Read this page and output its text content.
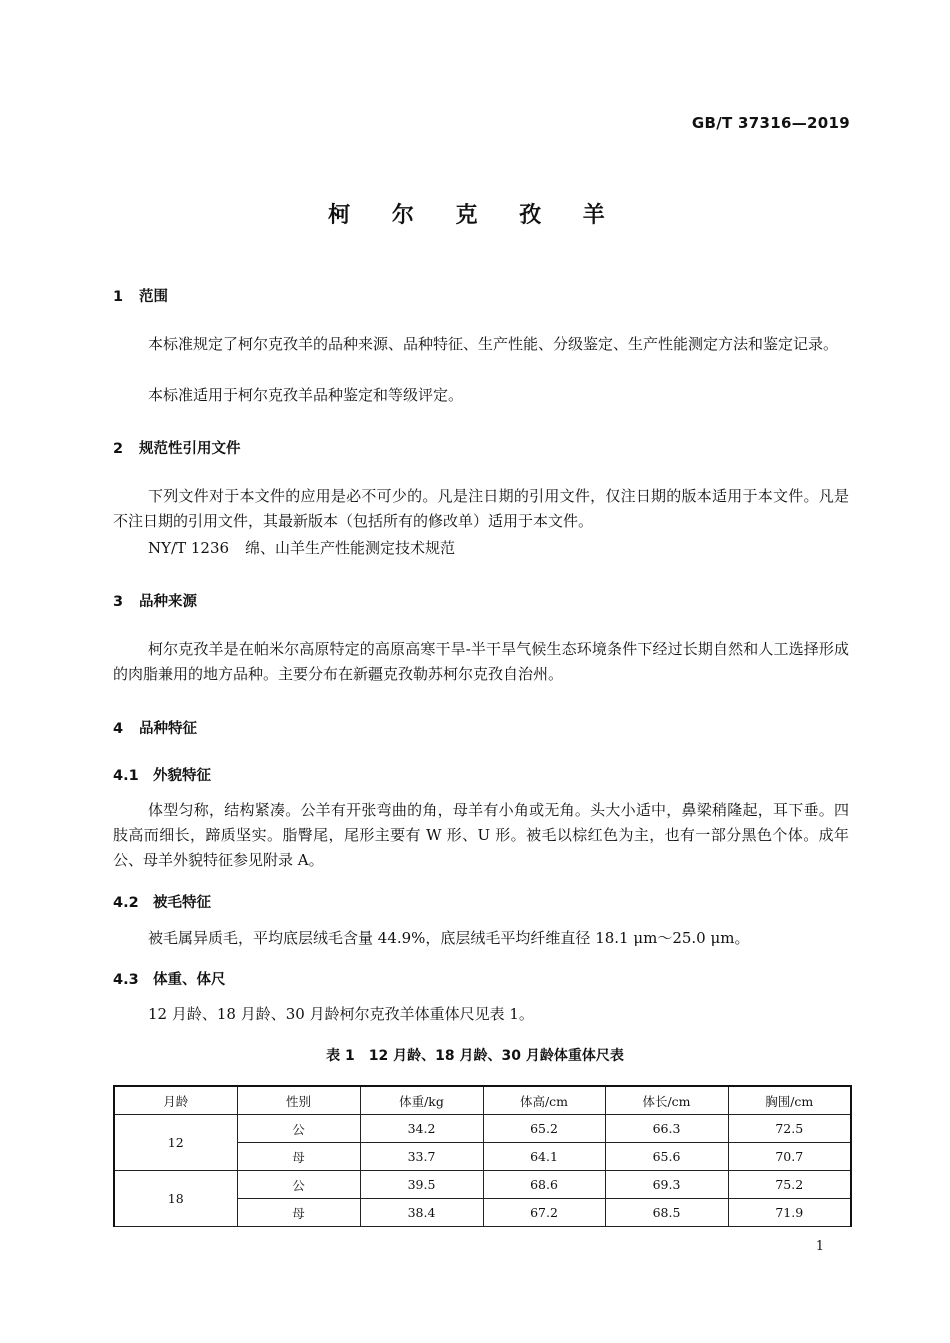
GB/T 37316—2019
柯 尔 克 孜 羊
1 范围
本标准规定了柯尔克孜羊的品种来源、品种特征、生产性能、分级鉴定、生产性能测定方法和鉴定记录。
本标准适用于柯尔克孜羊品种鉴定和等级评定。
2 规范性引用文件
下列文件对于本文件的应用是必不可少的。凡是注日期的引用文件，仅注日期的版本适用于本文件。凡是不注日期的引用文件，其最新版本（包括所有的修改单）适用于本文件。
NY/T 1236 绵、山羊生产性能测定技术规范
3 品种来源
柯尔克孜羊是在帕米尔高原特定的高原高寒干旱-半干旱气候生态环境条件下经过长期自然和人工选择形成的肉脂兼用的地方品种。主要分布在新疆克孜勒苏柯尔克孜自治州。
4 品种特征
4.1 外貌特征
体型匀称，结构紧凑。公羊有开张弯曲的角，母羊有小角或无角。头大小适中，鼻梁稍隆起，耳下垂。四肢高而细长，蹄质坚实。脂臀尾，尾形主要有 W 形、U 形。被毛以棕红色为主，也有一部分黑色个体。成年公、母羊外貌特征参见附录 A。
4.2 被毛特征
被毛属异质毛，平均底层绒毛含量 44.9%，底层绒毛平均纤维直径 18.1 μm～25.0 μm。
4.3 体重、体尺
12 月龄、18 月龄、30 月龄柯尔克孜羊体重体尺见表 1。
表 1　12 月龄、18 月龄、30 月龄体重体尺表
月龄	性别	体重/kg	体高/cm	体长/cm	胸围/cm
12	公	34.2	65.2	66.3	72.5
	母	33.7	64.1	65.6	70.7
18	公	39.5	68.6	69.3	75.2
	母	38.4	67.2	68.5	71.9
1
